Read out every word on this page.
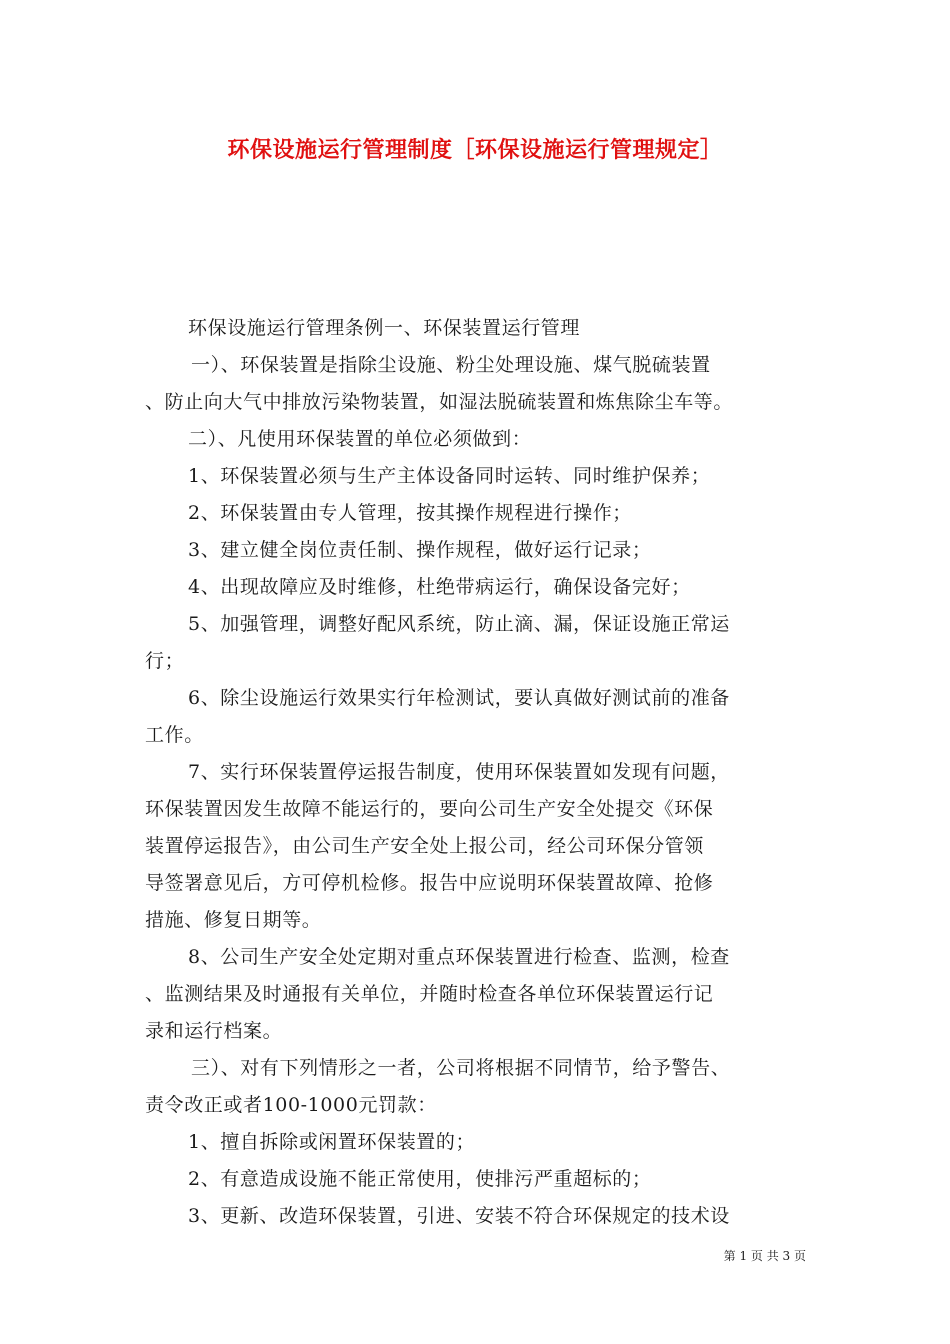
环保设施运行管理制度［环保设施运行管理规定］
环保设施运行管理条例一、环保装置运行管理
一）、环保装置是指除尘设施、粉尘处理设施、煤气脱硫装置
、防止向大气中排放污染物装置，如湿法脱硫装置和炼焦除尘车等。
二）、凡使用环保装置的单位必须做到：
1、环保装置必须与生产主体设备同时运转、同时维护保养；
2、环保装置由专人管理，按其操作规程进行操作；
3、建立健全岗位责任制、操作规程，做好运行记录；
4、出现故障应及时维修，杜绝带病运行，确保设备完好；
5、加强管理，调整好配风系统，防止滴、漏，保证设施正常运
行；
6、除尘设施运行效果实行年检测试，要认真做好测试前的准备
工作。
7、实行环保装置停运报告制度，使用环保装置如发现有问题，
环保装置因发生故障不能运行的，要向公司生产安全处提交《环保
装置停运报告》，由公司生产安全处上报公司，经公司环保分管领
导签署意见后，方可停机检修。报告中应说明环保装置故障、抢修
措施、修复日期等。
8、公司生产安全处定期对重点环保装置进行检查、监测，检查
、监测结果及时通报有关单位，并随时检查各单位环保装置运行记
录和运行档案。
三）、对有下列情形之一者，公司将根据不同情节，给予警告、
责令改正或者100-1000元罚款：
1、擅自拆除或闲置环保装置的；
2、有意造成设施不能正常使用，使排污严重超标的；
3、更新、改造环保装置，引进、安装不符合环保规定的技术设
第 1 页 共 3 页
